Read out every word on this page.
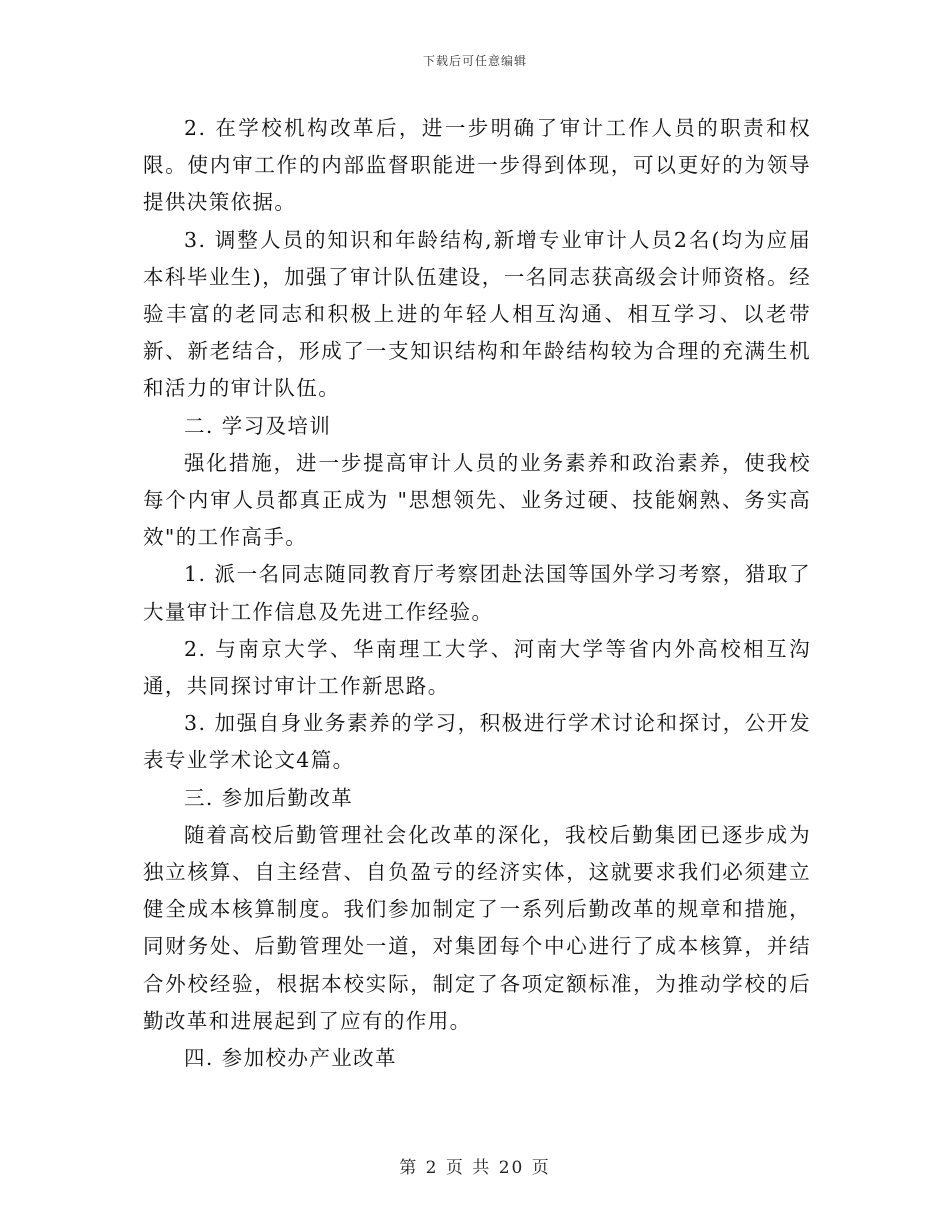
下载后可任意编辑

2. 在学校机构改革后，进一步明确了审计工作人员的职责和权限。使内审工作的内部监督职能进一步得到体现，可以更好的为领导提供决策依据。

3. 调整人员的知识和年龄结构,新增专业审计人员2名(均为应届本科毕业生)，加强了审计队伍建设，一名同志获高级会计师资格。经验丰富的老同志和积极上进的年轻人相互沟通、相互学习、以老带新、新老结合，形成了一支知识结构和年龄结构较为合理的充满生机和活力的审计队伍。

二. 学习及培训

强化措施，进一步提高审计人员的业务素养和政治素养，使我校每个内审人员都真正成为 "思想领先、业务过硬、技能娴熟、务实高效"的工作高手。

1. 派一名同志随同教育厅考察团赴法国等国外学习考察，猎取了大量审计工作信息及先进工作经验。

2. 与南京大学、华南理工大学、河南大学等省内外高校相互沟通，共同探讨审计工作新思路。

3. 加强自身业务素养的学习，积极进行学术讨论和探讨，公开发表专业学术论文4篇。

三. 参加后勤改革

随着高校后勤管理社会化改革的深化，我校后勤集团已逐步成为独立核算、自主经营、自负盈亏的经济实体，这就要求我们必须建立健全成本核算制度。我们参加制定了一系列后勤改革的规章和措施，同财务处、后勤管理处一道，对集团每个中心进行了成本核算，并结合外校经验，根据本校实际，制定了各项定额标准，为推动学校的后勤改革和进展起到了应有的作用。

四. 参加校办产业改革

第 2 页 共 20 页
